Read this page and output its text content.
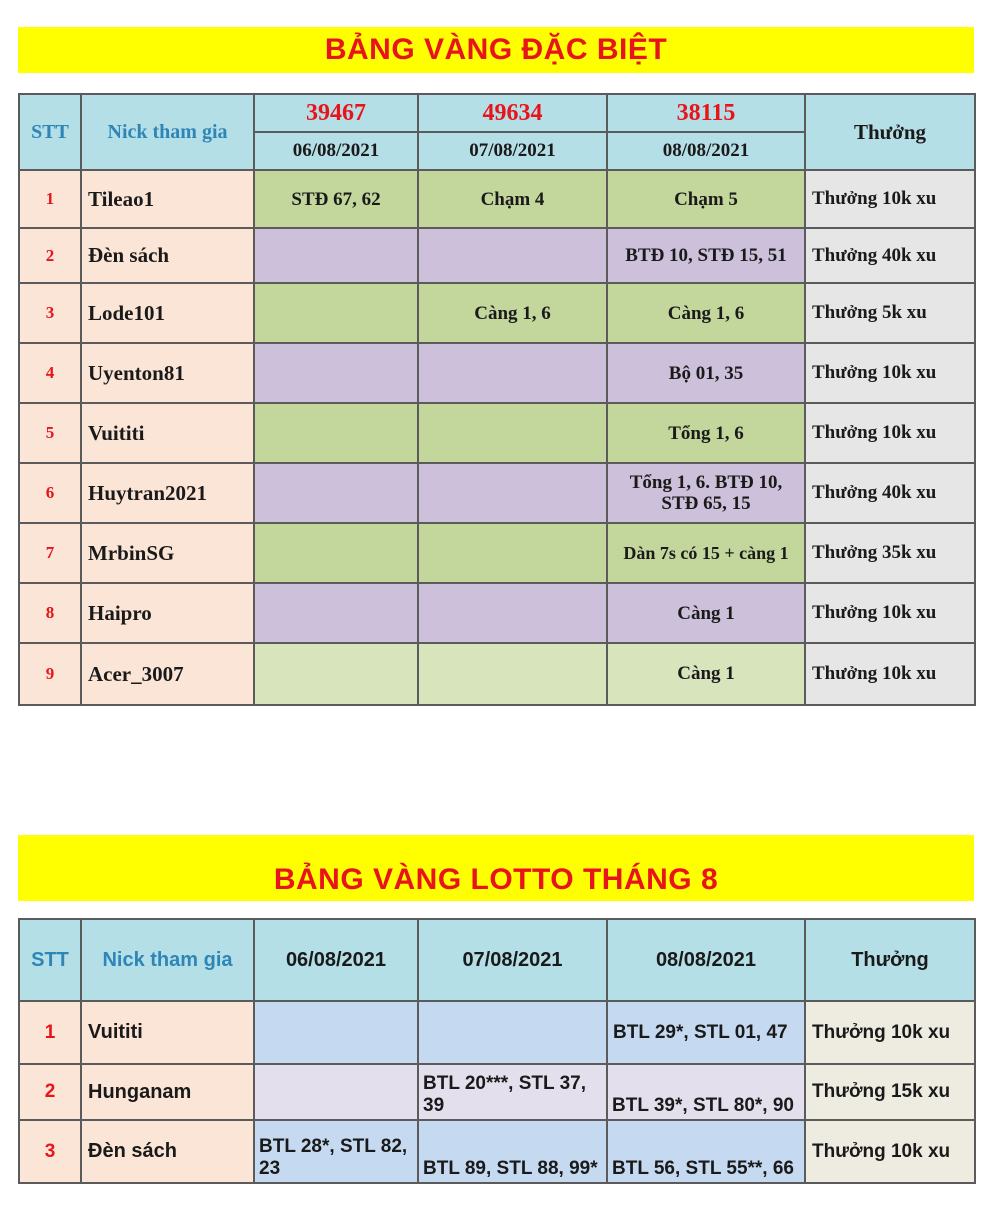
BẢNG VÀNG ĐẶC BIỆT
STT	Nick tham gia	39467	49634	38115	Thưởng
		06/08/2021	07/08/2021	08/08/2021	
1	Tileao1	STĐ 67, 62	Chạm 4	Chạm 5	Thưởng 10k xu
2	Đèn sách			BTĐ 10, STĐ 15, 51	Thưởng 40k xu
3	Lode101		Càng 1, 6	Càng 1, 6	Thưởng 5k xu
4	Uyenton81			Bộ 01, 35	Thưởng 10k xu
5	Vuititi			Tổng 1, 6	Thưởng 10k xu
6	Huytran2021			Tổng 1, 6. BTĐ 10, STĐ 65, 15	Thưởng 40k xu
7	MrbinSG			Dàn 7s có 15 + càng 1	Thưởng 35k xu
8	Haipro			Càng 1	Thưởng 10k xu
9	Acer_3007			Càng 1	Thưởng 10k xu
BẢNG VÀNG LOTTO THÁNG 8
STT	Nick tham gia	06/08/2021	07/08/2021	08/08/2021	Thưởng
1	Vuititi			BTL 29*, STL 01, 47	Thưởng 10k xu
2	Hunganam		BTL 20***, STL 37, 39	BTL 39*, STL 80*, 90	Thưởng 15k xu
3	Đèn sách	BTL 28*, STL 82, 23	BTL 89, STL 88, 99*	BTL 56, STL 55**, 66	Thưởng 10k xu
